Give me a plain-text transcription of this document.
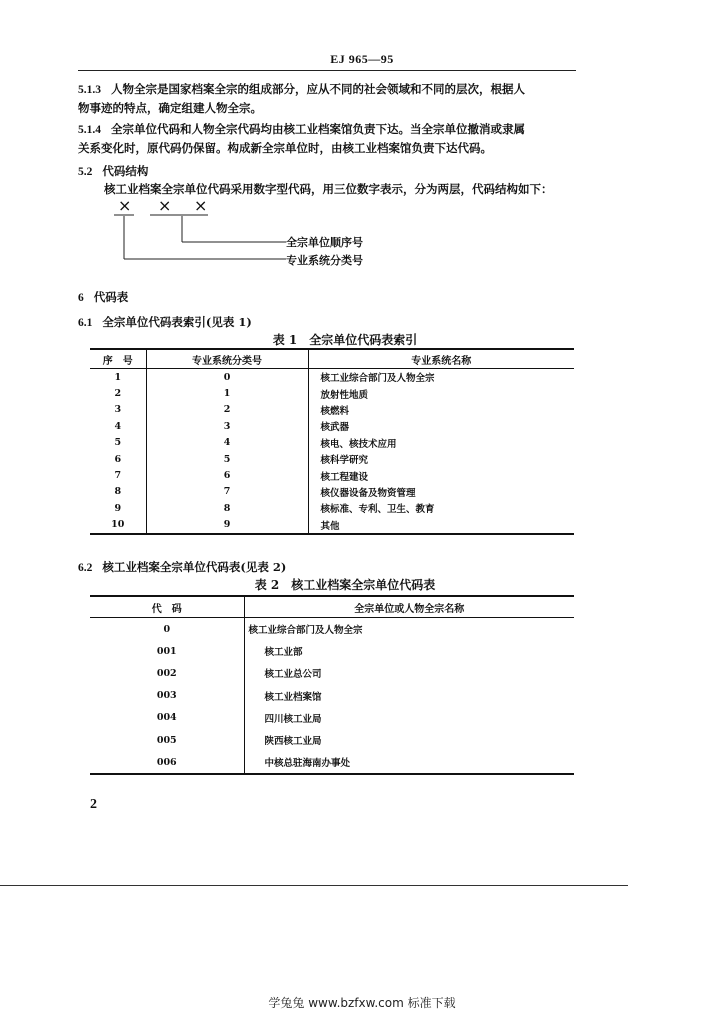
EJ 965—95
5.1.3 人物全宗是国家档案全宗的组成部分，应从不同的社会领域和不同的层次，根据人
物事迹的特点，确定组建人物全宗。
5.1.4 全宗单位代码和人物全宗代码均由核工业档案馆负责下达。当全宗单位撤消或隶属
关系变化时，原代码仍保留。构成新全宗单位时，由核工业档案馆负责下达代码。
5.2 代码结构
核工业档案全宗单位代码采用数字型代码，用三位数字表示，分为两层，代码结构如下：
× × ×
全宗单位顺序号
专业系统分类号
6 代码表
6.1 全宗单位代码表索引(见表 1)
表 1　全宗单位代码表索引
序　号	专业系统分类号	专业系统名称
1	0	核工业综合部门及人物全宗
2	1	放射性地质
3	2	核燃料
4	3	核武器
5	4	核电、核技术应用
6	5	核科学研究
7	6	核工程建设
8	7	核仪器设备及物资管理
9	8	核标准、专利、卫生、教育
10	9	其他
6.2 核工业档案全宗单位代码表(见表 2)
表 2　核工业档案全宗单位代码表
代　码	全宗单位或人物全宗名称
0	核工业综合部门及人物全宗
001	核工业部
002	核工业总公司
003	核工业档案馆
004	四川核工业局
005	陕西核工业局
006	中核总驻海南办事处
2
学兔兔 www.bzfxw.com 标准下载
